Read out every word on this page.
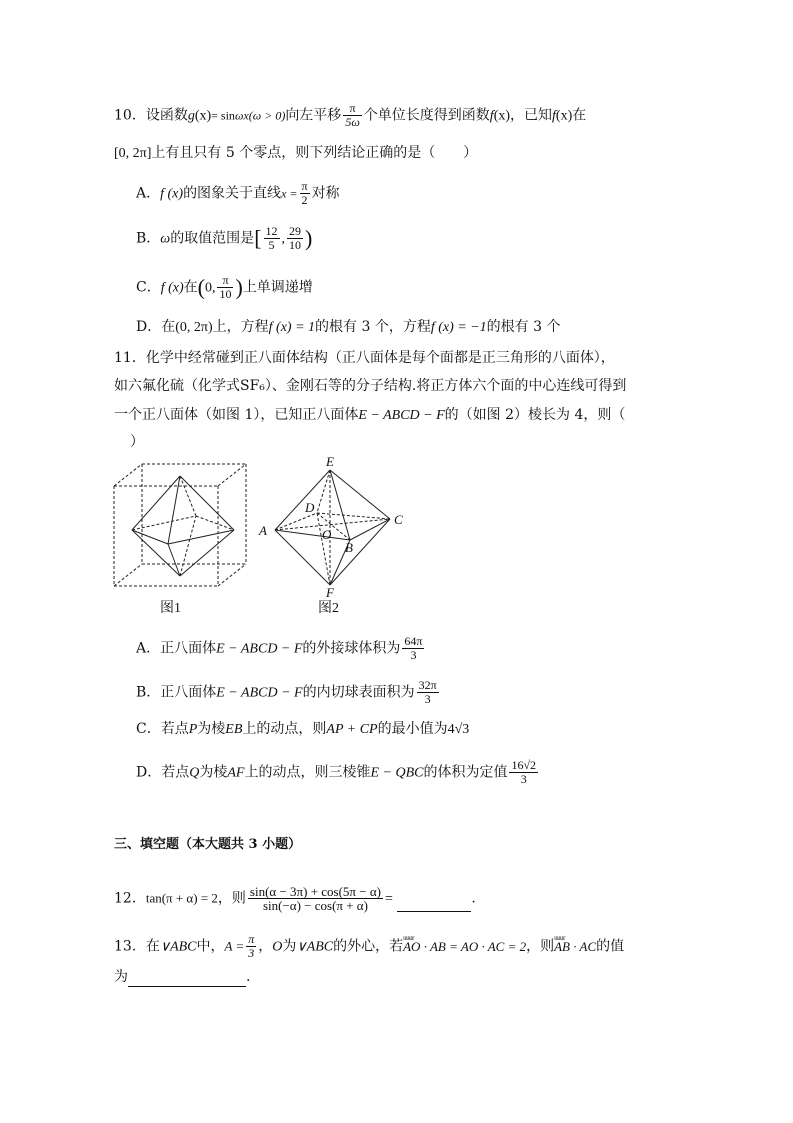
10．设函数g(x)= sinωx(ω > 0)向左平移 $\frac{\pi}{5\omega}$ 个单位长度得到函数f(x)，已知f(x)在
[0, 2π]上有且只有 5 个零点，则下列结论正确的是（　　）
A．f (x)的图象关于直线$x = \frac{\pi}{2}$ 对称
B．ω的取值范围是[ $\frac{12}{5}$ , $\frac{29}{10}$ )
C．f (x)在(0, $\frac{\pi}{10}$ )上单调递增
D．在(0, 2π)上，方程f (x) = 1的根有 3 个，方程f (x) = −1的根有 3 个
11．化学中经常碰到正八面体结构（正八面体是每个面都是正三角形的八面体），
如六氟化硫（化学式SF₆）、金刚石等的分子结构.将正方体六个面的中心连线可得到
一个正八面体（如图 1），已知正八面体E − ABCD − F的（如图 2）棱长为 4，则（
）
图1
E
A
B
C
D
O
F
图2
A．正八面体E − ABCD − F的外接球体积为 $\frac{64\pi}{3}$
B．正八面体E − ABCD − F的内切球表面积为 $\frac{32\pi}{3}$
C．若点P为棱EB上的动点，则AP + CP的最小值为4√3
D．若点Q为棱AF上的动点，则三棱锥E − QBC的体积为定值 $\frac{16√2}{3}$
三、填空题（本大题共 3 小题）
12．tan(π + α) = 2，则 $\frac{\sin(\alpha - 3\pi) + \cos(5\pi - \alpha)}{\sin(-\alpha) - \cos(\pi + \alpha)}$ =	.
13．在∨ABC中，$A = \frac{\pi}{3}$ ，O为∨ABC的外心，若uuur AO · AB = AO · AC = 2，则uuur AB · AC的值
为	.
